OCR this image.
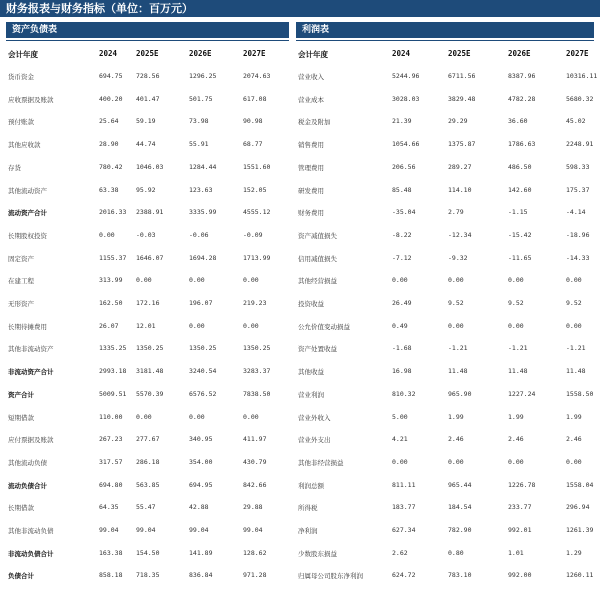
财务报表与财务指标（单位：百万元）
资产负债表	利润表
会计年度	2024	2025E	2026E	2027E	会计年度	2024	2025E	2026E	2027E
货币资金	694.75 728.56	1296.25	2074.63
应收票据及账款	400.20 401.47	501.75	617.08
预付账款	25.64	59.19	73.98	90.98
其他应收款	28.90	44.74	55.91	68.77
存货	780.42 1046.03	1284.44	1551.60
其他流动资产	63.38	95.92	123.63	152.05
流动资产合计	2016.33 2388.91	3335.99	4555.12
长期股权投资	0.00	-0.03	-0.06	-0.09
固定资产	1155.37 1646.07	1694.28	1713.99
在建工程	313.99 0.00	0.00	0.00
无形资产	162.50 172.16	196.07	219.23
长期待摊费用	26.07	12.01	0.00	0.00
其他非流动资产	1335.25 1350.25	1350.25	1350.25
非流动资产合计	2993.18 3181.48	3240.54	3283.37
资产合计	5009.51 5570.39	6576.52	7838.50
短期借款	110.00 0.00	0.00	0.00
应付票据及账款	267.23 277.67	340.95	411.97
其他流动负债	317.57 286.18	354.00	430.79
流动负债合计	694.80 563.85	694.95	842.66
长期借款	64.35	55.47	42.88	29.88
其他非流动负债	99.04	99.04	99.04	99.04
非流动负债合计	163.38 154.50	141.89	128.62
负债合计	858.18 718.35	836.84	971.28
营业收入	5244.96	6711.56	8387.96	10316.11
营业成本	3028.03	3829.48	4782.28	5680.32
税金及附加	21.39	29.29	36.60	45.02
销售费用	1054.66	1375.87	1786.63	2248.91
管理费用	206.56	289.27	486.50	598.33
研发费用	85.48	114.10	142.60	175.37
财务费用	-35.04	2.79	-1.15	-4.14
资产减值损失	-8.22	-12.34	-15.42	-18.96
信用减值损失	-7.12	-9.32	-11.65	-14.33
其他经营损益	0.00	0.00	0.00	0.00
投资收益	26.49	9.52	9.52	9.52
公允价值变动损益	0.49	0.00	0.00	0.00
资产处置收益	-1.68	-1.21	-1.21	-1.21
其他收益	16.98	11.48	11.48	11.48
营业利润	810.32	965.90	1227.24	1558.50
营业外收入	5.00	1.99	1.99	1.99
营业外支出	4.21	2.46	2.46	2.46
其他非经营损益	0.00	0.00	0.00	0.00
利润总额	811.11	965.44	1226.78	1558.04
所得税	183.77	184.54	233.77	296.94
净利润	627.34	782.90	992.01	1261.39
少数股东损益	2.62	0.80	1.01	1.29
归属母公司股东净利润	624.72	783.10	992.00	1260.11
